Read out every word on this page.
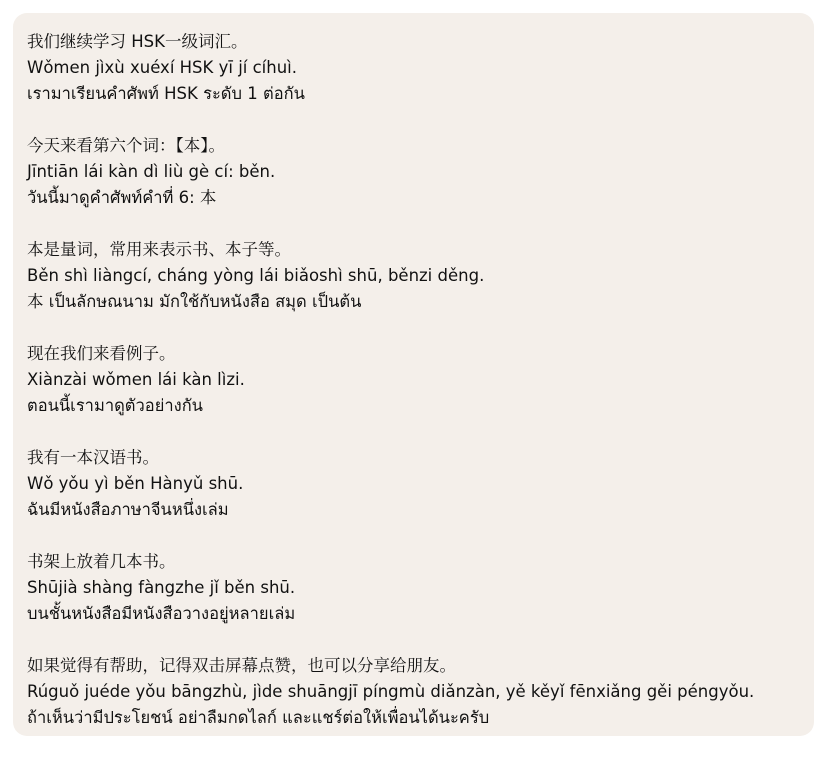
我们继续学习 HSK一级词汇。
Wǒmen jìxù xuéxí HSK yī jí cíhuì.
เรามาเรียนคำศัพท์ HSK ระดับ 1 ต่อกัน
今天来看第六个词：【本】。
Jīntiān lái kàn dì liù gè cí: běn.
วันนี้มาดูคำศัพท์คำที่ 6: 本
本是量词，常用来表示书、本子等。
Běn shì liàngcí, cháng yòng lái biǎoshì shū, běnzi děng.
本 เป็นลักษณนาม มักใช้กับหนังสือ สมุด เป็นต้น
现在我们来看例子。
Xiànzài wǒmen lái kàn lìzi.
ตอนนี้เรามาดูตัวอย่างกัน
我有一本汉语书。
Wǒ yǒu yì běn Hànyǔ shū.
ฉันมีหนังสือภาษาจีนหนึ่งเล่ม
书架上放着几本书。
Shūjià shàng fàngzhe jǐ běn shū.
บนชั้นหนังสือมีหนังสือวางอยู่หลายเล่ม
如果觉得有帮助，记得双击屏幕点赞，也可以分享给朋友。
Rúguǒ juéde yǒu bāngzhù, jìde shuāngjī píngmù diǎnzàn, yě kěyǐ fēnxiǎng gěi péngyǒu.
ถ้าเห็นว่ามีประโยชน์ อย่าลืมกดไลก์ และแชร์ต่อให้เพื่อนได้นะครับ
